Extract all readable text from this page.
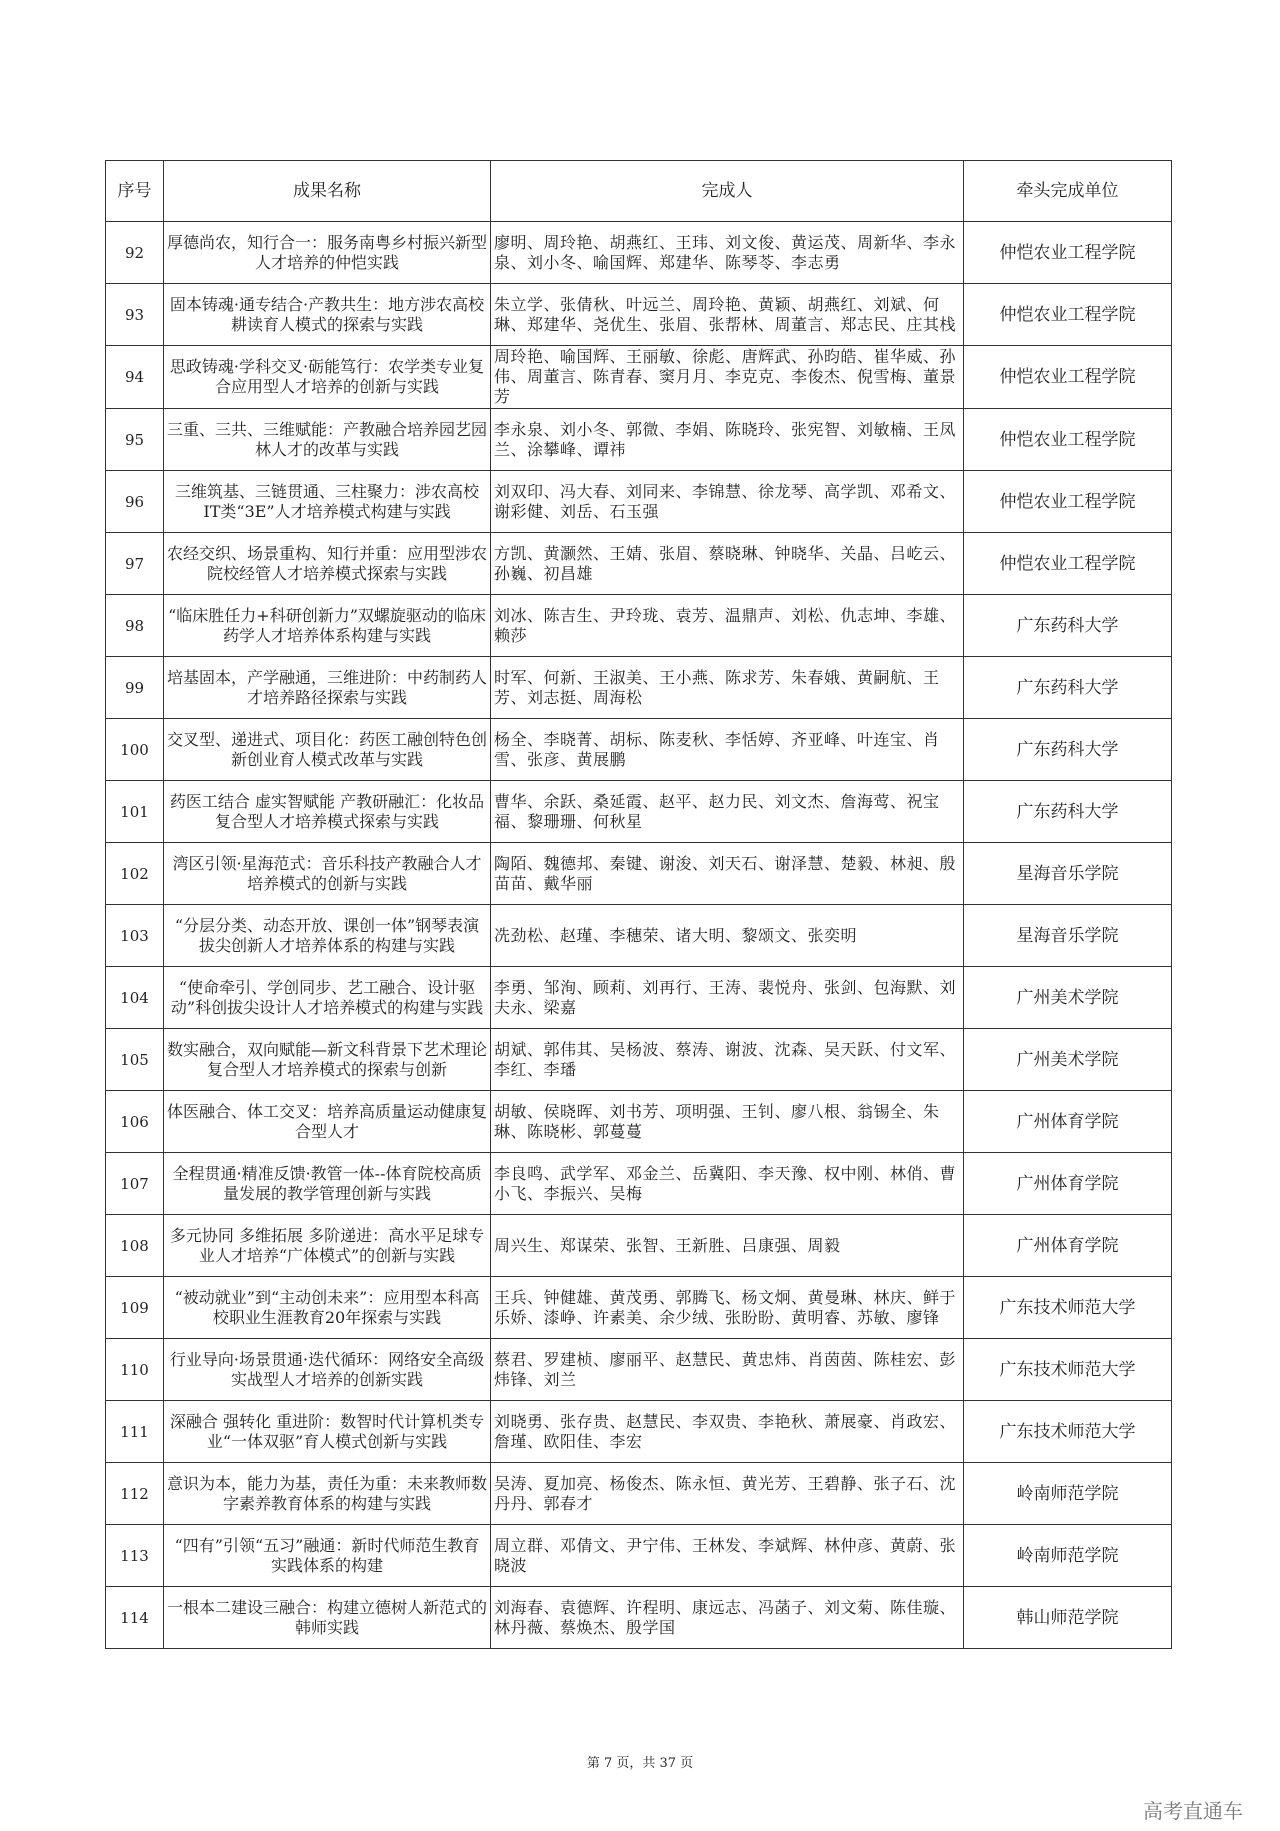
序号	成果名称	完成人	牵头完成单位
92	厚德尚农，知行合一：服务南粤乡村振兴新型人才培养的仲恺实践	廖明、周玲艳、胡燕红、王玮、刘文俊、黄运茂、周新华、李永泉、刘小冬、喻国辉、郑建华、陈琴苓、李志勇	仲恺农业工程学院
93	固本铸魂·通专结合·产教共生：地方涉农高校耕读育人模式的探索与实践	朱立学、张倩秋、叶远兰、周玲艳、黄颖、胡燕红、刘斌、何琳、郑建华、尧优生、张眉、张帮林、周董言、郑志民、庄其栈	仲恺农业工程学院
94	思政铸魂·学科交叉·砺能笃行：农学类专业复合应用型人才培养的创新与实践	周玲艳、喻国辉、王丽敏、徐彪、唐辉武、孙昀皓、崔华威、孙伟、周董言、陈青春、窦月月、李克克、李俊杰、倪雪梅、董景芳	仲恺农业工程学院
95	三重、三共、三维赋能：产教融合培养园艺园林人才的改革与实践	李永泉、刘小冬、郭微、李娟、陈晓玲、张宪智、刘敏楠、王凤兰、涂攀峰、谭祎	仲恺农业工程学院
96	三维筑基、三链贯通、三柱聚力：涉农高校IT类“3E”人才培养模式构建与实践	刘双印、冯大春、刘同来、李锦慧、徐龙琴、高学凯、邓希文、谢彩健、刘岳、石玉强	仲恺农业工程学院
97	农经交织、场景重构、知行并重：应用型涉农院校经管人才培养模式探索与实践	方凯、黄灏然、王婧、张眉、蔡晓琳、钟晓华、关晶、吕屹云、孙巍、初昌雄	仲恺农业工程学院
98	“临床胜任力+科研创新力”双螺旋驱动的临床药学人才培养体系构建与实践	刘冰、陈吉生、尹玲珑、袁芳、温鼎声、刘松、仇志坤、李雄、赖莎	广东药科大学
99	培基固本，产学融通，三维进阶：中药制药人才培养路径探索与实践	时军、何新、王淑美、王小燕、陈求芳、朱春娥、黄嗣航、王芳、刘志挺、周海松	广东药科大学
100	交叉型、递进式、项目化：药医工融创特色创新创业育人模式改革与实践	杨全、李晓菁、胡标、陈麦秋、李恬婷、齐亚峰、叶连宝、肖雪、张彦、黄展鹏	广东药科大学
101	药医工结合 虚实智赋能 产教研融汇：化妆品复合型人才培养模式探索与实践	曹华、余跃、桑延霞、赵平、赵力民、刘文杰、詹海莺、祝宝福、黎珊珊、何秋星	广东药科大学
102	湾区引领·星海范式：音乐科技产教融合人才培养模式的创新与实践	陶陌、魏德邦、秦键、谢浚、刘天石、谢泽慧、楚毅、林昶、殷苗苗、戴华丽	星海音乐学院
103	“分层分类、动态开放、课创一体”钢琴表演拔尖创新人才培养体系的构建与实践	冼劲松、赵瑾、李穗荣、诸大明、黎颂文、张奕明	星海音乐学院
104	“使命牵引、学创同步、艺工融合、设计驱动”科创拔尖设计人才培养模式的构建与实践	李勇、邹洵、顾莉、刘再行、王涛、裴悦舟、张剑、包海默、刘夫永、梁嘉	广州美术学院
105	数实融合，双向赋能—新文科背景下艺术理论复合型人才培养模式的探索与创新	胡斌、郭伟其、吴杨波、蔡涛、谢波、沈森、吴天跃、付文军、李红、李璠	广州美术学院
106	体医融合、体工交叉：培养高质量运动健康复合型人才	胡敏、侯晓晖、刘书芳、项明强、王钊、廖八根、翁锡全、朱琳、陈晓彬、郭蔓蔓	广州体育学院
107	全程贯通·精准反馈·教管一体--体育院校高质量发展的教学管理创新与实践	李良鸣、武学军、邓金兰、岳冀阳、李天豫、权中刚、林俏、曹小飞、李振兴、吴梅	广州体育学院
108	多元协同 多维拓展 多阶递进：高水平足球专业人才培养“广体模式”的创新与实践	周兴生、郑谋荣、张智、王新胜、吕康强、周毅	广州体育学院
109	“被动就业”到“主动创未来”：应用型本科高校职业生涯教育20年探索与实践	王兵、钟健雄、黄茂勇、郭腾飞、杨文炯、黄曼琳、林庆、鲜于乐娇、漆峥、许素美、余少绒、张盼盼、黄明睿、苏敏、廖锋	广东技术师范大学
110	行业导向·场景贯通·迭代循环：网络安全高级实战型人才培养的创新实践	蔡君、罗建桢、廖丽平、赵慧民、黄忠炜、肖茵茵、陈桂宏、彭炜锋、刘兰	广东技术师范大学
111	深融合 强转化 重进阶：数智时代计算机类专业“一体双驱”育人模式创新与实践	刘晓勇、张存贵、赵慧民、李双贵、李艳秋、萧展豪、肖政宏、詹瑾、欧阳佳、李宏	广东技术师范大学
112	意识为本，能力为基，责任为重：未来教师数字素养教育体系的构建与实践	吴涛、夏加亮、杨俊杰、陈永恒、黄光芳、王碧静、张子石、沈丹丹、郭春才	岭南师范学院
113	“四有”引领“五习”融通：新时代师范生教育实践体系的构建	周立群、邓倩文、尹宁伟、王林发、李斌辉、林仲彦、黄蔚、张晓波	岭南师范学院
114	一根本二建设三融合：构建立德树人新范式的韩师实践	刘海春、袁德辉、许程明、康远志、冯菡子、刘文菊、陈佳璇、林丹薇、蔡焕杰、殷学国	韩山师范学院
第 7 页，共 37 页
高考直通车
